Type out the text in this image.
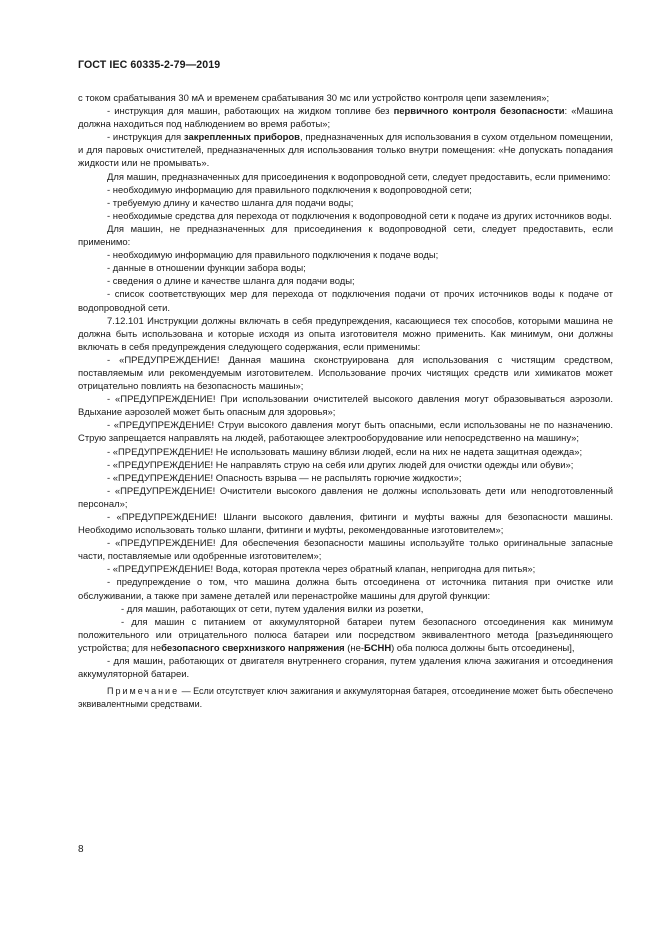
ГОСТ IEC 60335-2-79—2019

с током срабатывания 30 мА и временем срабатывания 30 мс или устройство контроля цепи заземления»;

- инструкция для машин, работающих на жидком топливе без первичного контроля безопасности: «Машина должна находиться под наблюдением во время работы»;

- инструкция для закрепленных приборов, предназначенных для использования в сухом отдельном помещении, и для паровых очистителей, предназначенных для использования только внутри помещения: «Не допускать попадания жидкости или не промывать».

Для машин, предназначенных для присоединения к водопроводной сети, следует предоставить, если применимо:

- необходимую информацию для правильного подключения к водопроводной сети;

- требуемую длину и качество шланга для подачи воды;

- необходимые средства для перехода от подключения к водопроводной сети к подаче из других источников воды.

Для машин, не предназначенных для присоединения к водопроводной сети, следует предоставить, если применимо:

- необходимую информацию для правильного подключения к подаче воды;

- данные в отношении функции забора воды;

- сведения о длине и качестве шланга для подачи воды;

- список соответствующих мер для перехода от подключения подачи от прочих источников воды к подаче от водопроводной сети.

7.12.101 Инструкции должны включать в себя предупреждения, касающиеся тех способов, которыми машина не должна быть использована и которые исходя из опыта изготовителя можно применить. Как минимум, они должны включать в себя предупреждения следующего содержания, если применимы:

- «ПРЕДУПРЕЖДЕНИЕ! Данная машина сконструирована для использования с чистящим средством, поставляемым или рекомендуемым изготовителем. Использование прочих чистящих средств или химикатов может отрицательно повлиять на безопасность машины»;

- «ПРЕДУПРЕЖДЕНИЕ! При использовании очистителей высокого давления могут образовываться аэрозоли. Вдыхание аэрозолей может быть опасным для здоровья»;

- «ПРЕДУПРЕЖДЕНИЕ! Струи высокого давления могут быть опасными, если использованы не по назначению. Струю запрещается направлять на людей, работающее электрооборудование или непосредственно на машину»;

- «ПРЕДУПРЕЖДЕНИЕ! Не использовать машину вблизи людей, если на них не надета защитная одежда»;

- «ПРЕДУПРЕЖДЕНИЕ! Не направлять струю на себя или других людей для очистки одежды или обуви»;

- «ПРЕДУПРЕЖДЕНИЕ! Опасность взрыва — не распылять горючие жидкости»;

- «ПРЕДУПРЕЖДЕНИЕ! Очистители высокого давления не должны использовать дети или неподготовленный персонал»;

- «ПРЕДУПРЕЖДЕНИЕ! Шланги высокого давления, фитинги и муфты важны для безопасности машины. Необходимо использовать только шланги, фитинги и муфты, рекомендованные изготовителем»;

- «ПРЕДУПРЕЖДЕНИЕ! Для обеспечения безопасности машины используйте только оригинальные запасные части, поставляемые или одобренные изготовителем»;

- «ПРЕДУПРЕЖДЕНИЕ! Вода, которая протекла через обратный клапан, непригодна для питья»;

- предупреждение о том, что машина должна быть отсоединена от источника питания при очистке или обслуживании, а также при замене деталей или перенастройке машины для другой функции:

- для машин, работающих от сети, путем удаления вилки из розетки,

- для машин с питанием от аккумуляторной батареи путем безопасного отсоединения как минимум положительного или отрицательного полюса батареи или посредством эквивалентного метода [разъединяющего устройства; для небезопасного сверхнизкого напряжения (не-БСНН) оба полюса должны быть отсоединены],

- для машин, работающих от двигателя внутреннего сгорания, путем удаления ключа зажигания и отсоединения аккумуляторной батареи.

Примечание — Если отсутствует ключ зажигания и аккумуляторная батарея, отсоединение может быть обеспечено эквивалентными средствами.

8
